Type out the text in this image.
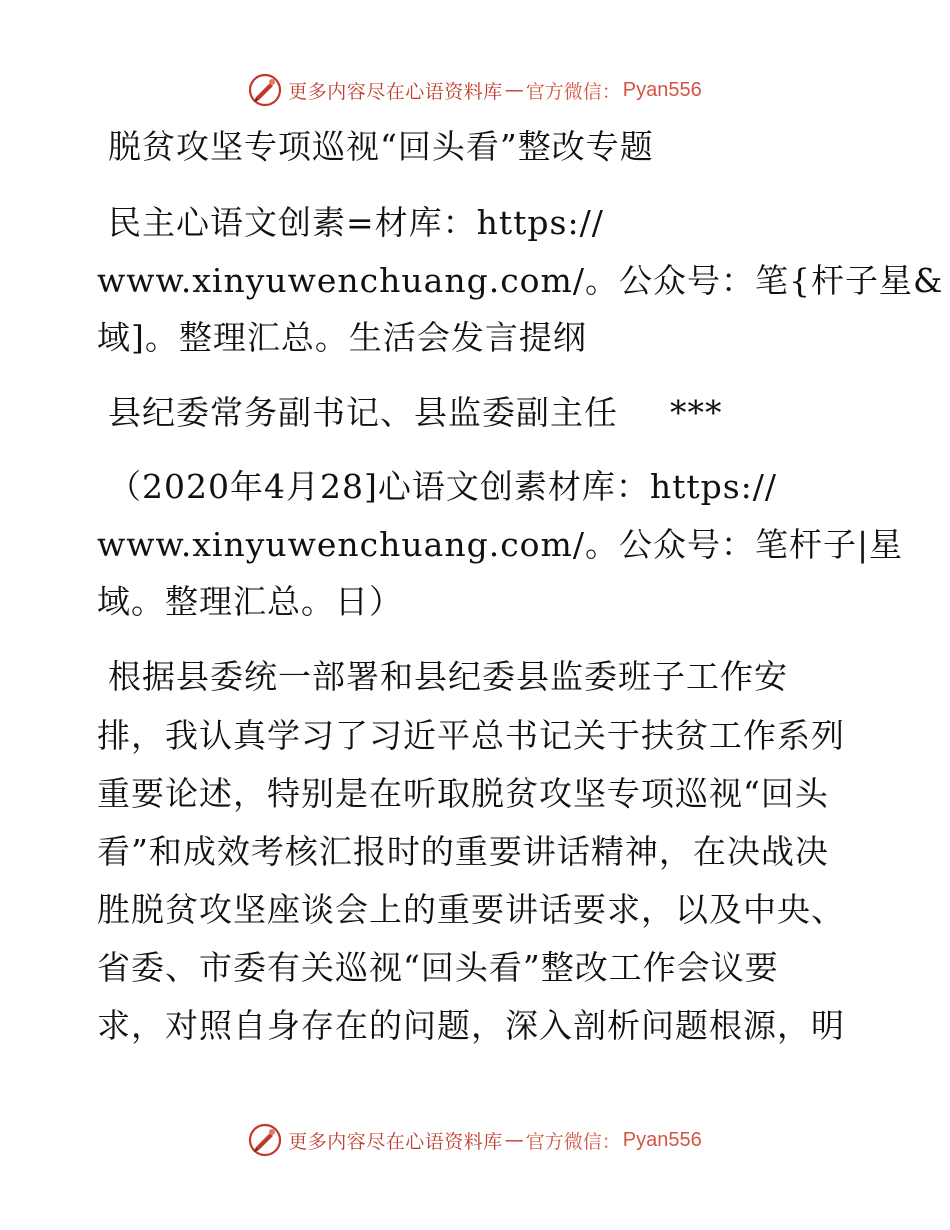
更多内容尽在心语资料库 — 官方微信： Pyan556
脱贫攻坚专项巡视“回头看”整改专题
民主心语文创素=材库：https://
www.xinyuwenchuang.com/。公众号：笔{杆子星&
域]。整理汇总。生活会发言提纲
县纪委常务副书记、县监委副主任 ***
（2020年4月28]心语文创素材库：https://
www.xinyuwenchuang.com/。公众号：笔杆子|星
域。整理汇总。日）
根据县委统一部署和县纪委县监委班子工作安
排，我认真学习了习近平总书记关于扶贫工作系列
重要论述，特别是在听取脱贫攻坚专项巡视“回头
看”和成效考核汇报时的重要讲话精神，在决战决
胜脱贫攻坚座谈会上的重要讲话要求，以及中央、
省委、市委有关巡视“回头看”整改工作会议要
求，对照自身存在的问题，深入剖析问题根源，明
更多内容尽在心语资料库 — 官方微信： Pyan556
